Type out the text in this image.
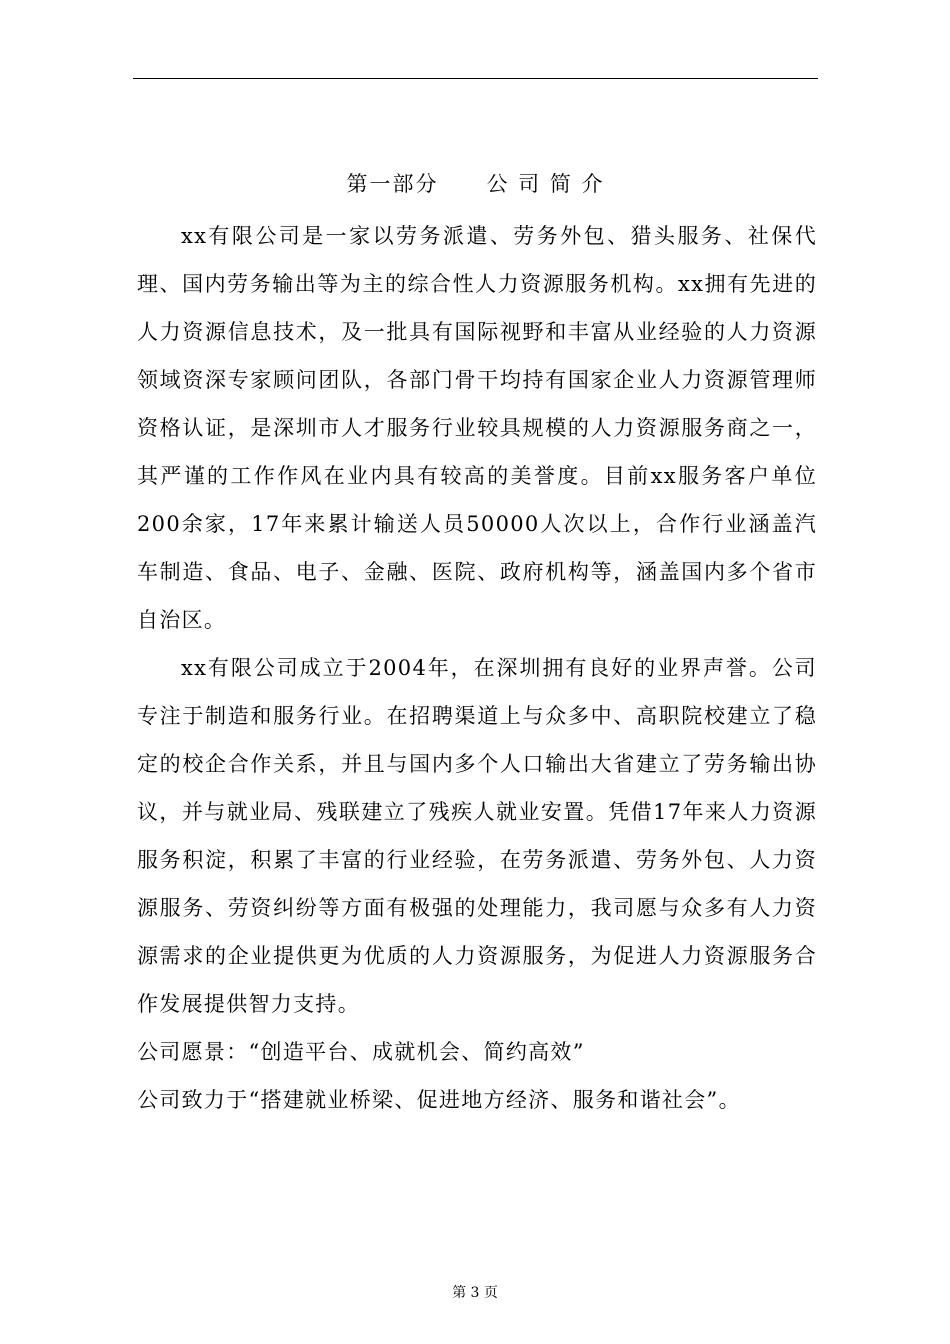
第一部分 公 司 简 介

xx有限公司是一家以劳务派遣、劳务外包、猎头服务、社保代理、国内劳务输出等为主的综合性人力资源服务机构。xx拥有先进的人力资源信息技术，及一批具有国际视野和丰富从业经验的人力资源领域资深专家顾问团队，各部门骨干均持有国家企业人力资源管理师资格认证，是深圳市人才服务行业较具规模的人力资源服务商之一，其严谨的工作作风在业内具有较高的美誉度。目前xx服务客户单位200余家，17年来累计输送人员50000人次以上，合作行业涵盖汽车制造、食品、电子、金融、医院、政府机构等，涵盖国内多个省市自治区。

xx有限公司成立于2004年，在深圳拥有良好的业界声誉。公司专注于制造和服务行业。在招聘渠道上与众多中、高职院校建立了稳定的校企合作关系，并且与国内多个人口输出大省建立了劳务输出协议，并与就业局、残联建立了残疾人就业安置。凭借17年来人力资源服务积淀，积累了丰富的行业经验，在劳务派遣、劳务外包、人力资源服务、劳资纠纷等方面有极强的处理能力，我司愿与众多有人力资源需求的企业提供更为优质的人力资源服务，为促进人力资源服务合作发展提供智力支持。

公司愿景：“创造平台、成就机会、简约高效”

公司致力于“搭建就业桥梁、促进地方经济、服务和谐社会”。

第 3 页
